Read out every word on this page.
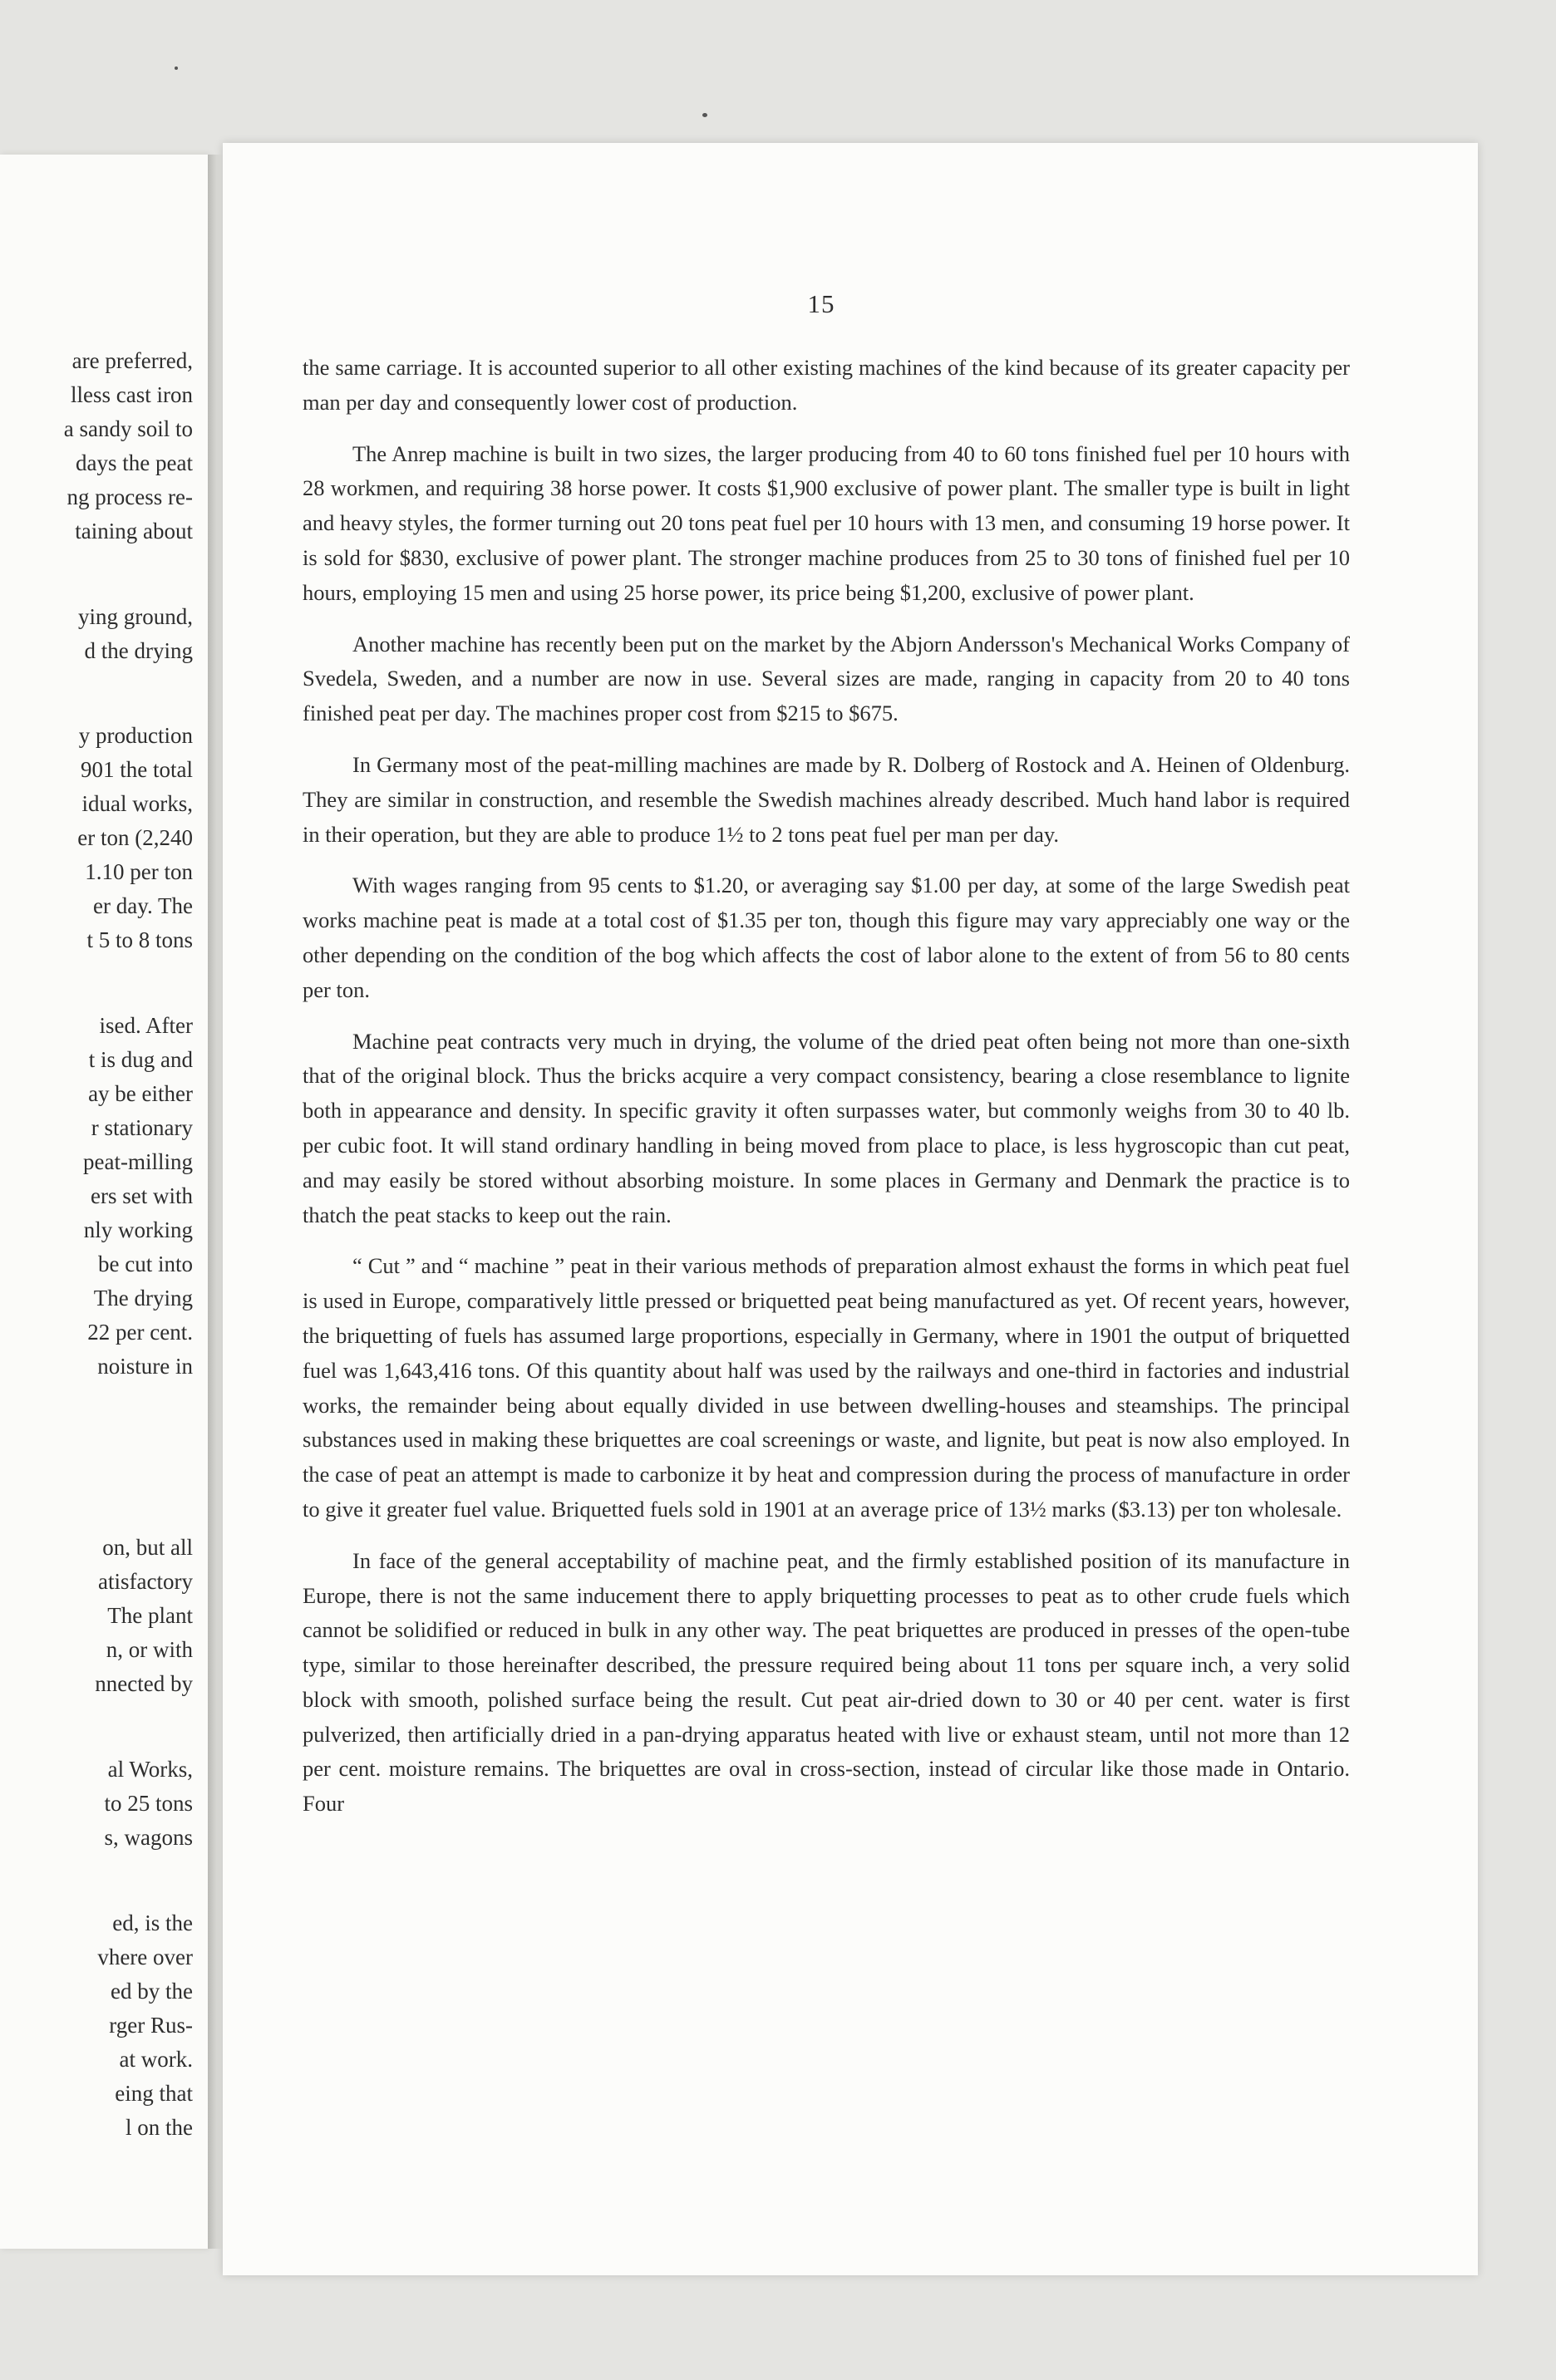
are preferred,
lless cast iron
a sandy soil to
days the peat
ng process re-
taining about
ying ground,
d the drying
y production
901 the total
idual works,
er ton (2,240
1.10 per ton
er day. The
t 5 to 8 tons
ised. After
t is dug and
ay be either
r stationary
peat-milling
ers set with
nly working
be cut into
The drying
22 per cent.
noisture in
on, but all
atisfactory
The plant
n, or with
nnected by
al Works,
to 25 tons
s, wagons
ed, is the
vhere over
ed by the
rger Rus-
at work.
eing that
l on the
15

the same carriage. It is accounted superior to all other existing machines of the kind because of its greater capacity per man per day and consequently lower cost of production.

The Anrep machine is built in two sizes, the larger producing from 40 to 60 tons finished fuel per 10 hours with 28 workmen, and requiring 38 horse power. It costs $1,900 exclusive of power plant. The smaller type is built in light and heavy styles, the former turning out 20 tons peat fuel per 10 hours with 13 men, and consuming 19 horse power. It is sold for $830, exclusive of power plant. The stronger machine produces from 25 to 30 tons of finished fuel per 10 hours, employing 15 men and using 25 horse power, its price being $1,200, exclusive of power plant.

Another machine has recently been put on the market by the Abjorn Andersson's Mechanical Works Company of Svedela, Sweden, and a number are now in use. Several sizes are made, ranging in capacity from 20 to 40 tons finished peat per day. The machines proper cost from $215 to $675.

In Germany most of the peat-milling machines are made by R. Dolberg of Rostock and A. Heinen of Oldenburg. They are similar in construction, and resemble the Swedish machines already described. Much hand labor is required in their operation, but they are able to produce 1½ to 2 tons peat fuel per man per day.

With wages ranging from 95 cents to $1.20, or averaging say $1.00 per day, at some of the large Swedish peat works machine peat is made at a total cost of $1.35 per ton, though this figure may vary appreciably one way or the other depending on the condition of the bog which affects the cost of labor alone to the extent of from 56 to 80 cents per ton.

Machine peat contracts very much in drying, the volume of the dried peat often being not more than one-sixth that of the original block. Thus the bricks acquire a very compact consistency, bearing a close resemblance to lignite both in appearance and density. In specific gravity it often surpasses water, but commonly weighs from 30 to 40 lb. per cubic foot. It will stand ordinary handling in being moved from place to place, is less hygroscopic than cut peat, and may easily be stored without absorbing moisture. In some places in Germany and Denmark the practice is to thatch the peat stacks to keep out the rain.

“ Cut ” and “ machine ” peat in their various methods of preparation almost exhaust the forms in which peat fuel is used in Europe, comparatively little pressed or briquetted peat being manufactured as yet. Of recent years, however, the briquetting of fuels has assumed large proportions, especially in Germany, where in 1901 the output of briquetted fuel was 1,643,416 tons. Of this quantity about half was used by the railways and one-third in factories and industrial works, the remainder being about equally divided in use between dwelling-houses and steamships. The principal substances used in making these briquettes are coal screenings or waste, and lignite, but peat is now also employed. In the case of peat an attempt is made to carbonize it by heat and compression during the process of manufacture in order to give it greater fuel value. Briquetted fuels sold in 1901 at an average price of 13½ marks ($3.13) per ton wholesale.

In face of the general acceptability of machine peat, and the firmly established position of its manufacture in Europe, there is not the same inducement there to apply briquetting processes to peat as to other crude fuels which cannot be solidified or reduced in bulk in any other way. The peat briquettes are produced in presses of the open-tube type, similar to those hereinafter described, the pressure required being about 11 tons per square inch, a very solid block with smooth, polished surface being the result. Cut peat air-dried down to 30 or 40 per cent. water is first pulverized, then artificially dried in a pan-drying apparatus heated with live or exhaust steam, until not more than 12 per cent. moisture remains. The briquettes are oval in cross-section, instead of circular like those made in Ontario. Four
